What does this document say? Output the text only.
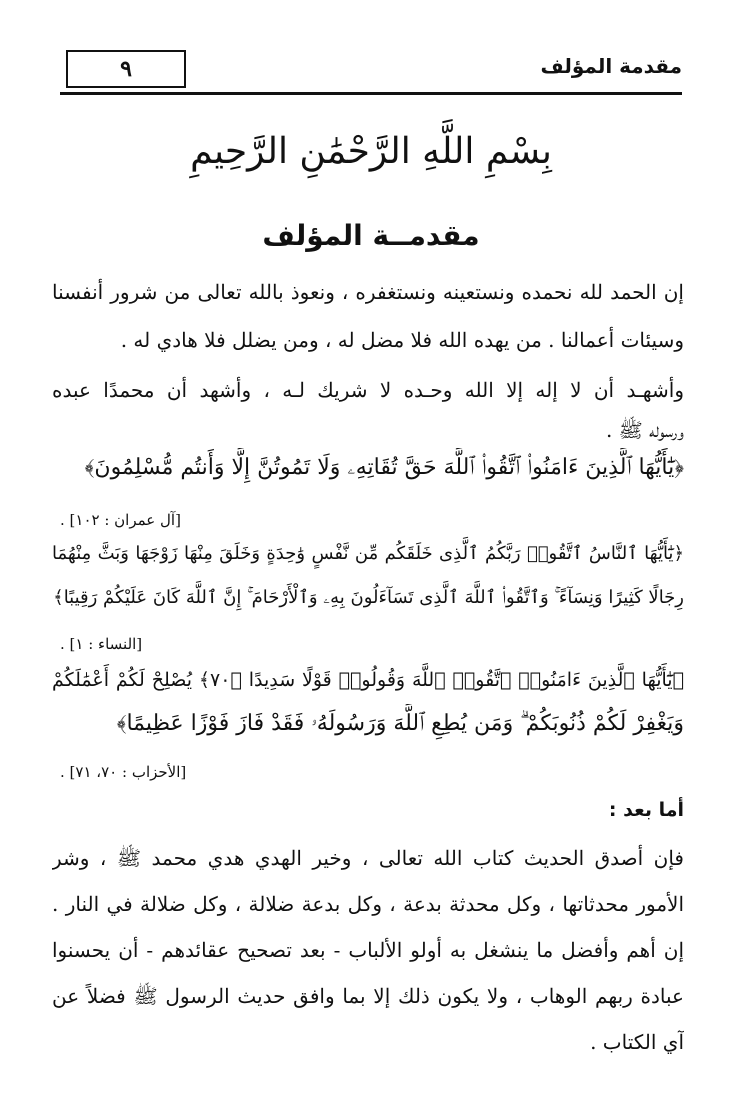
٩	مقدمة المؤلف
بِسْمِ اللَّهِ الرَّحْمَٰنِ الرَّحِيمِ
مقدمــة المؤلف
إن الحمد لله نحمده ونستعينه ونستغفره ، ونعوذ بالله تعالى من شرور أنفسنا
وسيئات أعمالنا . من يهده الله فلا مضل له ، ومن يضلل فلا هادي له .
وأشهـد أن لا إله إلا الله وحـده لا شريك لـه ، وأشهد أن محمدًا عبده
ورسوله ﷺ .
﴿يَٰٓأَيُّهَا ٱلَّذِينَ ءَامَنُوا۟ ٱتَّقُوا۟ ٱللَّهَ حَقَّ تُقَاتِهِۦ وَلَا تَمُوتُنَّ إِلَّا وَأَنتُم مُّسْلِمُونَ﴾
[آل عمران : ١٠٢] .
﴿يَٰٓأَيُّهَا ٱلنَّاسُ ٱتَّقُوا۟ رَبَّكُمُ ٱلَّذِى خَلَقَكُم مِّن نَّفْسٍ وَٰحِدَةٍ وَخَلَقَ مِنْهَا زَوْجَهَا وَبَثَّ مِنْهُمَا
رِجَالًا كَثِيرًا وَنِسَآءً ۚ وَٱتَّقُوا۟ ٱللَّهَ ٱلَّذِى تَسَآءَلُونَ بِهِۦ وَٱلْأَرْحَامَ ۚ إِنَّ ٱللَّهَ كَانَ عَلَيْكُمْ رَقِيبًا﴾
[النساء : ١] .
﴿يَٰٓأَيُّهَا ٱلَّذِينَ ءَامَنُوا۟ ٱتَّقُوا۟ ٱللَّهَ وَقُولُوا۟ قَوْلًا سَدِيدًا ﴿٧٠﴾ يُصْلِحْ لَكُمْ أَعْمَٰلَكُمْ
وَيَغْفِرْ لَكُمْ ذُنُوبَكُمْ ۗ وَمَن يُطِعِ ٱللَّهَ وَرَسُولَهُۥ فَقَدْ فَازَ فَوْزًا عَظِيمًا﴾
[الأحزاب : ٧٠، ٧١] .
أما بعد :
فإن أصدق الحديث كتاب الله تعالى ، وخير الهدي هدي محمد ﷺ ، وشر
الأمور محدثاتها ، وكل محدثة بدعة ، وكل بدعة ضلالة ، وكل ضلالة في النار .
إن أهم وأفضل ما ينشغل به أولو الألباب - بعد تصحيح عقائدهم - أن يحسنوا
عبادة ربهم الوهاب ، ولا يكون ذلك إلا بما وافق حديث الرسول ﷺ فضلاً عن
آي الكتاب .
